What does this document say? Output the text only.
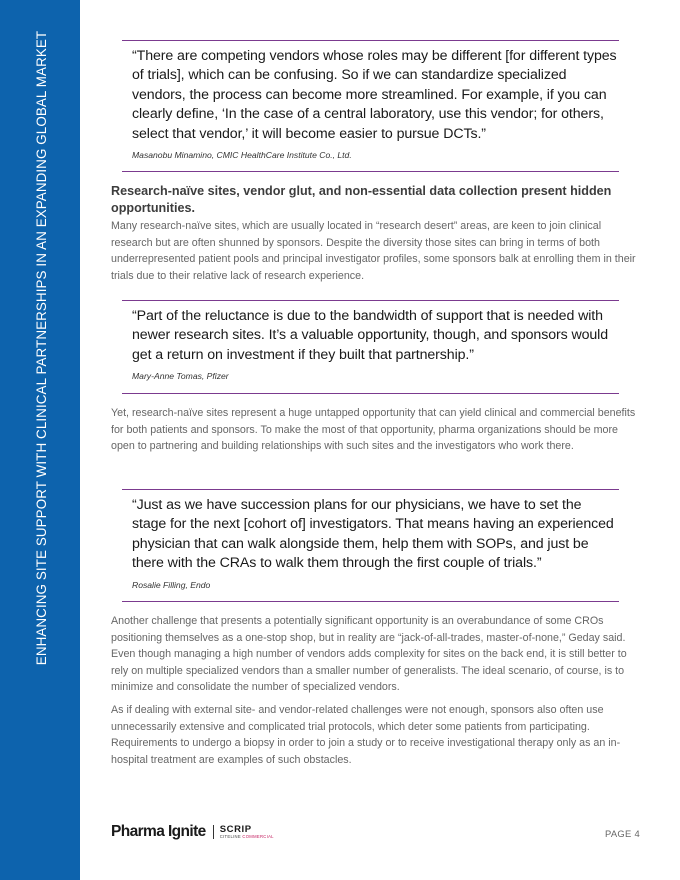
ENHANCING SITE SUPPORT WITH CLINICAL PARTNERSHIPS IN AN EXPANDING GLOBAL MARKET	“There are competing vendors whose roles may be different [for different types of trials], which can be confusing. So if we can standardize specialized vendors, the process can become more streamlined. For example, if you can clearly define, ‘In the case of a central laboratory, use this vendor; for others, select that vendor,’ it will become easier to pursue DCTs.”

Masanobu Minamino, CMIC HealthCare Institute Co., Ltd.

Research-naïve sites, vendor glut, and non-essential data collection present hidden opportunities.

Many research-naïve sites, which are usually located in “research desert” areas, are keen to join clinical research but are often shunned by sponsors. Despite the diversity those sites can bring in terms of both underrepresented patient pools and principal investigator profiles, some sponsors balk at enrolling them in their trials due to their relative lack of research experience.

“Part of the reluctance is due to the bandwidth of support that is needed with newer research sites. It’s a valuable opportunity, though, and sponsors would get a return on investment if they built that partnership.”

Mary-Anne Tomas, Pfizer

Yet, research-naïve sites represent a huge untapped opportunity that can yield clinical and commercial benefits for both patients and sponsors. To make the most of that opportunity, pharma organizations should be more open to partnering and building relationships with such sites and the investigators who work there.

“Just as we have succession plans for our physicians, we have to set the stage for the next [cohort of] investigators. That means having an experienced physician that can walk alongside them, help them with SOPs, and just be there with the CRAs to walk them through the first couple of trials.”

Rosalie Filling, Endo

Another challenge that presents a potentially significant opportunity is an overabundance of some CROs positioning themselves as a one-stop shop, but in reality are “jack-of-all-trades, master-of-none,” Geday said. Even though managing a high number of vendors adds complexity for sites on the back end, it is still better to rely on multiple specialized vendors than a smaller number of generalists. The ideal scenario, of course, is to minimize and consolidate the number of specialized vendors.

As if dealing with external site- and vendor-related challenges were not enough, sponsors also often use unnecessarily extensive and complicated trial protocols, which deter some patients from participating. Requirements to undergo a biopsy in order to join a study or to receive investigational therapy only as an in-hospital treatment are examples of such obstacles.

Pharma Ignite SCRIP
CITELINE COMMERCIAL	PAGE 4
